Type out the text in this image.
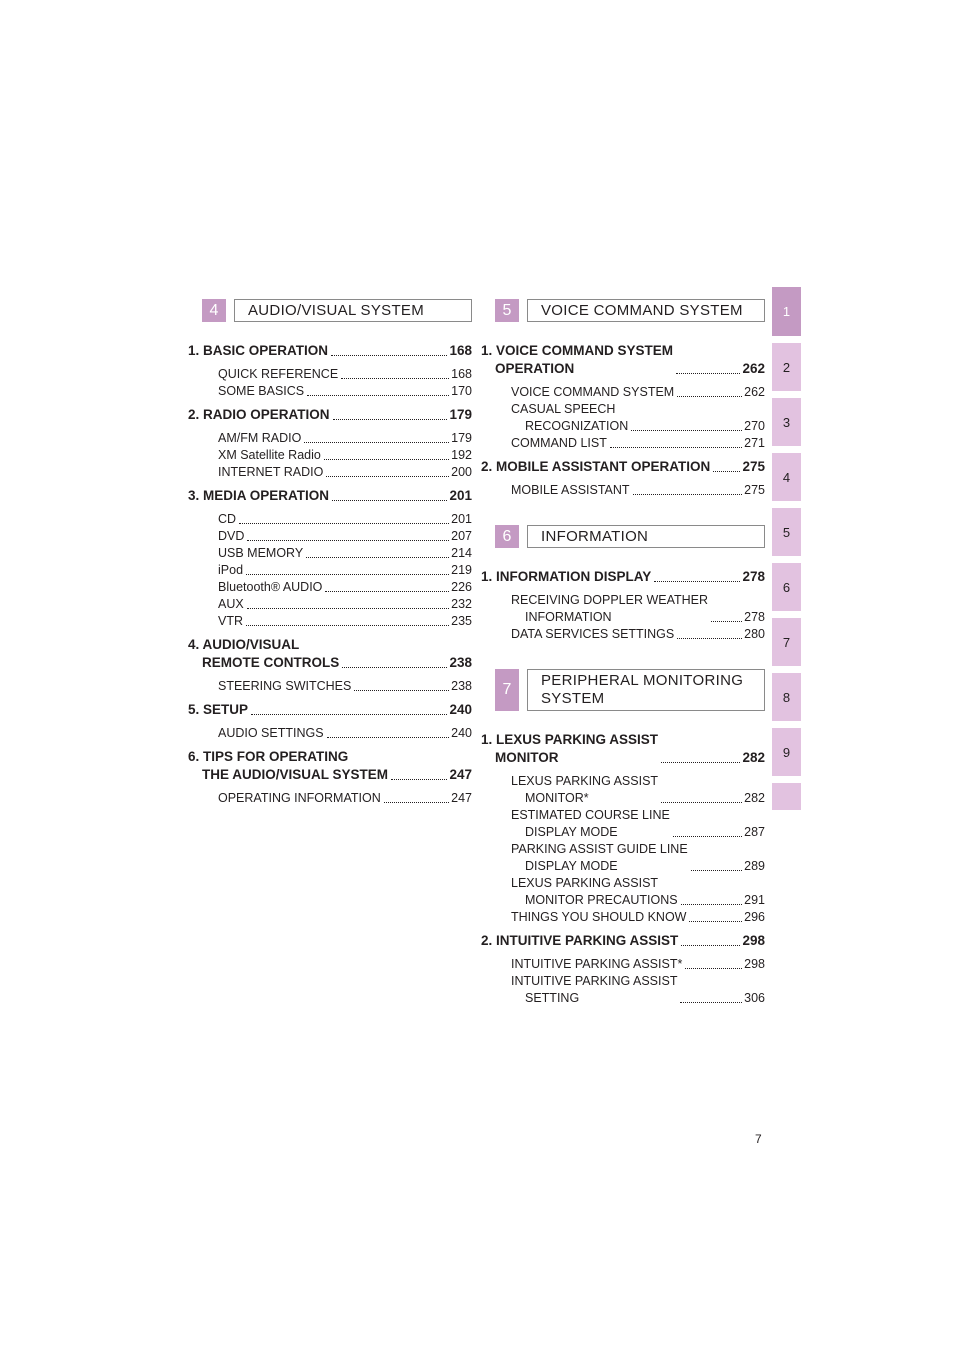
4	AUDIO/VISUAL SYSTEM
1. BASIC OPERATION	168
QUICK REFERENCE	168
SOME BASICS	170
2. RADIO OPERATION	179
AM/FM RADIO	179
XM Satellite Radio	192
INTERNET RADIO	200
3. MEDIA OPERATION	201
CD	201
DVD	207
USB MEMORY	214
iPod	219
Bluetooth® AUDIO	226
AUX	232
VTR	235
4. AUDIO/VISUAL
REMOTE CONTROLS	238
STEERING SWITCHES	238
5. SETUP	240
AUDIO SETTINGS	240
6. TIPS FOR OPERATING
THE AUDIO/VISUAL SYSTEM	247
OPERATING INFORMATION	247
5	VOICE COMMAND SYSTEM
1. VOICE COMMAND SYSTEM
OPERATION	262
VOICE COMMAND SYSTEM	262
CASUAL SPEECH
RECOGNIZATION	270
COMMAND LIST	271
2. MOBILE ASSISTANT OPERATION 275
MOBILE ASSISTANT	275
6	INFORMATION
1. INFORMATION DISPLAY	278
RECEIVING DOPPLER WEATHER
INFORMATION	278
DATA SERVICES SETTINGS	280
7
PERIPHERAL MONITORING
SYSTEM
1. LEXUS PARKING ASSIST
MONITOR	282
LEXUS PARKING ASSIST
MONITOR*	282
ESTIMATED COURSE LINE
DISPLAY MODE	287
PARKING ASSIST GUIDE LINE
DISPLAY MODE	289
LEXUS PARKING ASSIST
MONITOR PRECAUTIONS	291
THINGS YOU SHOULD KNOW	296
2. INTUITIVE PARKING ASSIST	298
INTUITIVE PARKING ASSIST*	298
INTUITIVE PARKING ASSIST
SETTING	306
1
2
3
4
5
6
7
8
9
7
